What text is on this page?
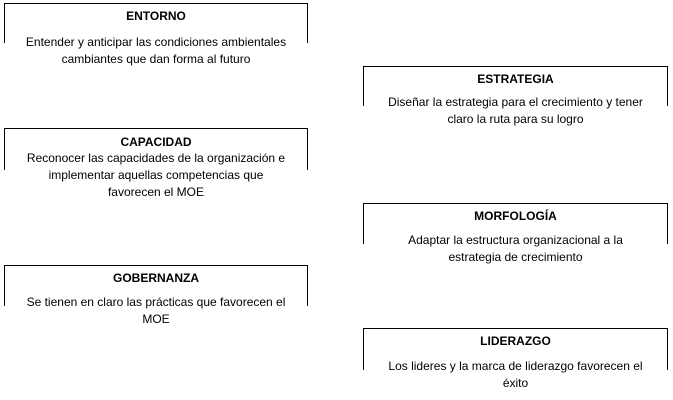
ENTORNO
Entender y anticipar las condiciones ambientales
cambiantes que dan forma al futuro
ESTRATEGIA
Diseñar la estrategia para el crecimiento y tener
claro la ruta para su logro
CAPACIDAD
Reconocer las capacidades de la organización e
implementar aquellas competencias que
favorecen el MOE
MORFOLOGÍA
Adaptar la estructura organizacional a la
estrategia de crecimiento
GOBERNANZA
Se tienen en claro las prácticas que favorecen el
MOE
LIDERAZGO
Los lideres y la marca de liderazgo favorecen el
éxito
